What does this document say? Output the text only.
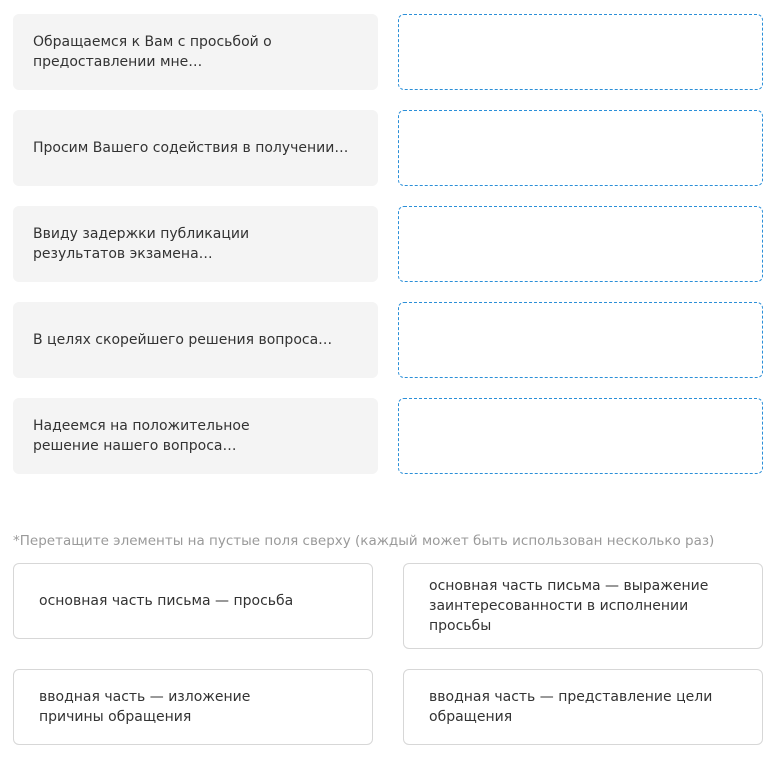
Обращаемся к Вам с просьбой о предоставлении мне…
Просим Вашего содействия в получении…
Ввиду задержки публикации результатов экзамена…
В целях скорейшего решения вопроса…
Надеемся на положительное решение нашего вопроса…
*Перетащите элементы на пустые поля сверху (каждый может быть использован несколько раз)
основная часть письма — просьба
основная часть письма — выражение заинтересованности в исполнении просьбы
вводная часть — изложение причины обращения
вводная часть — представление цели обращения
